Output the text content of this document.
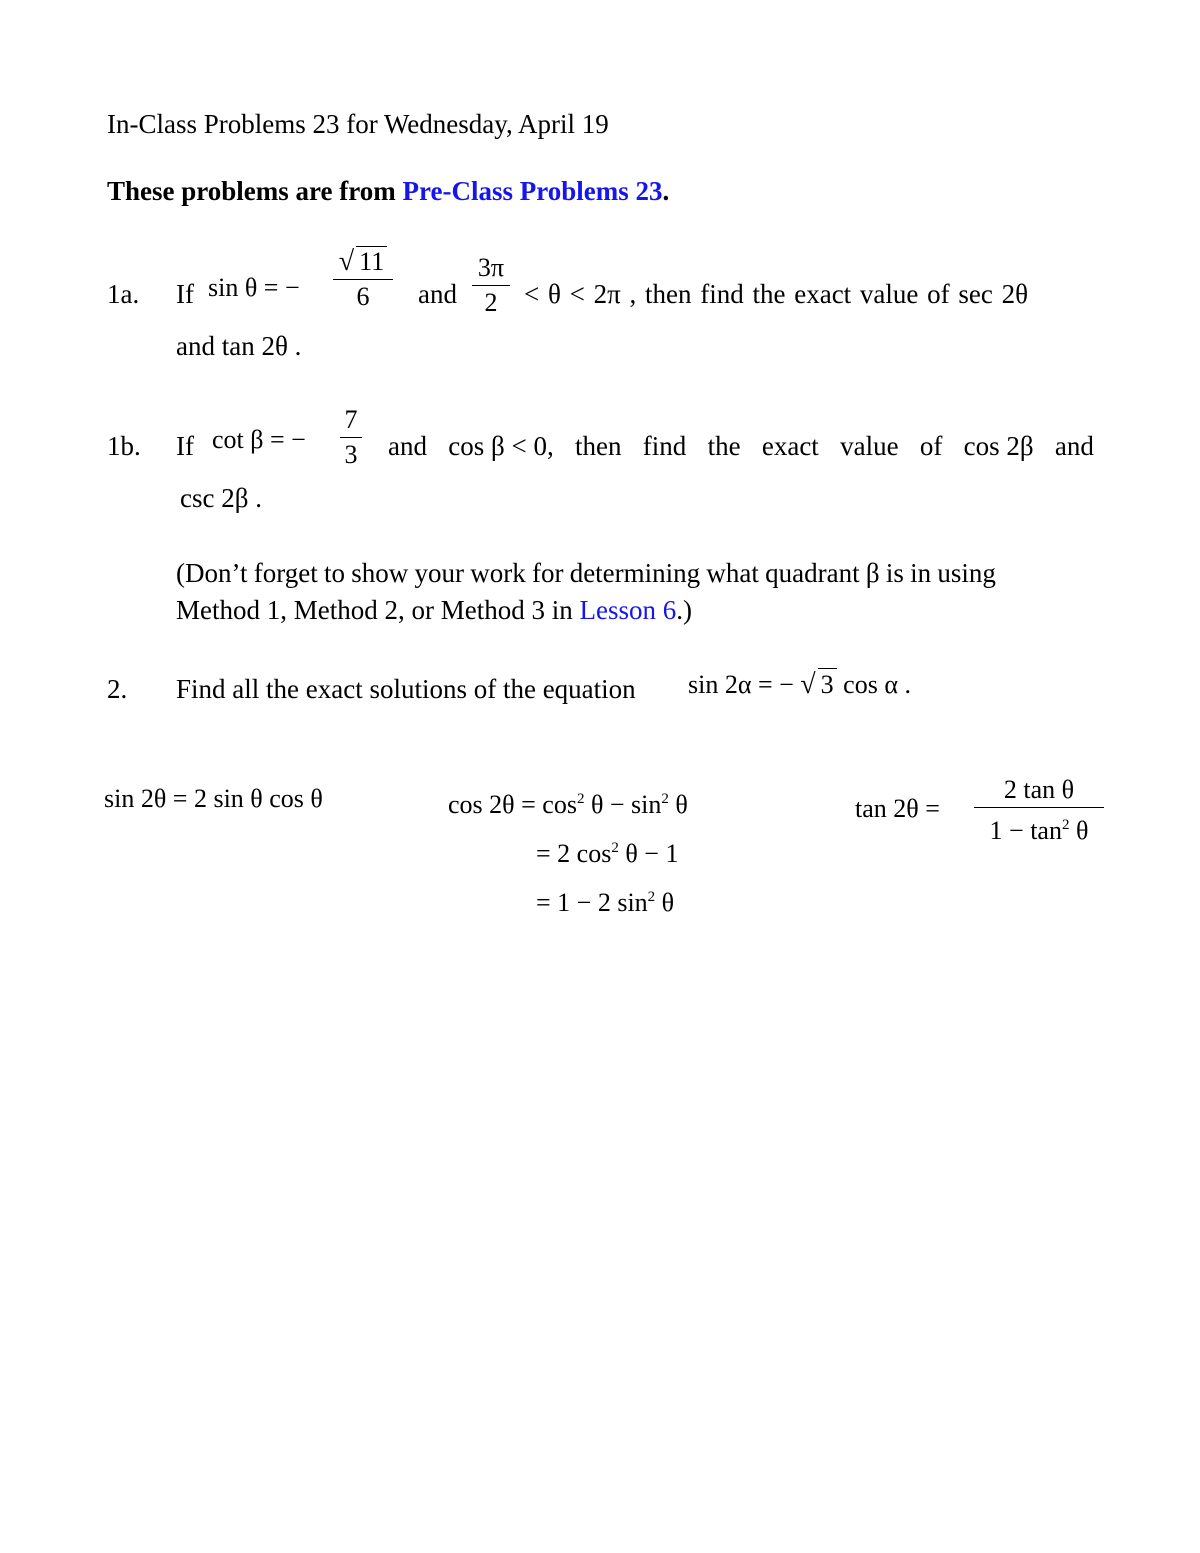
In-Class Problems 23 for Wednesday, April 19
These problems are from Pre-Class Problems 23.
1a. If sin θ = −
√ 11
6 and
3π
2 < θ < 2π , then find the exact value of sec 2θ
and tan 2θ .
1b. If cot β = −
7
3 and cos β < 0, then find the exact value of cos 2β and
csc 2β .
(Don’t forget to show your work for determining what quadrant β is in using
Method 1, Method 2, or Method 3 in Lesson 6.)
2. Find all the exact solutions of the equation sin 2α = − √ 3 cos α .
sin 2θ = 2 sin θ cos θ	$\cos 2\theta = \cos^2 \theta - \sin^2 \theta$
= 2 $\cos^2 \theta - 1$
= 1 − 2 $\sin^2 \theta$
tan 2θ =
2 tan θ
$1 - \tan^2 \theta$
